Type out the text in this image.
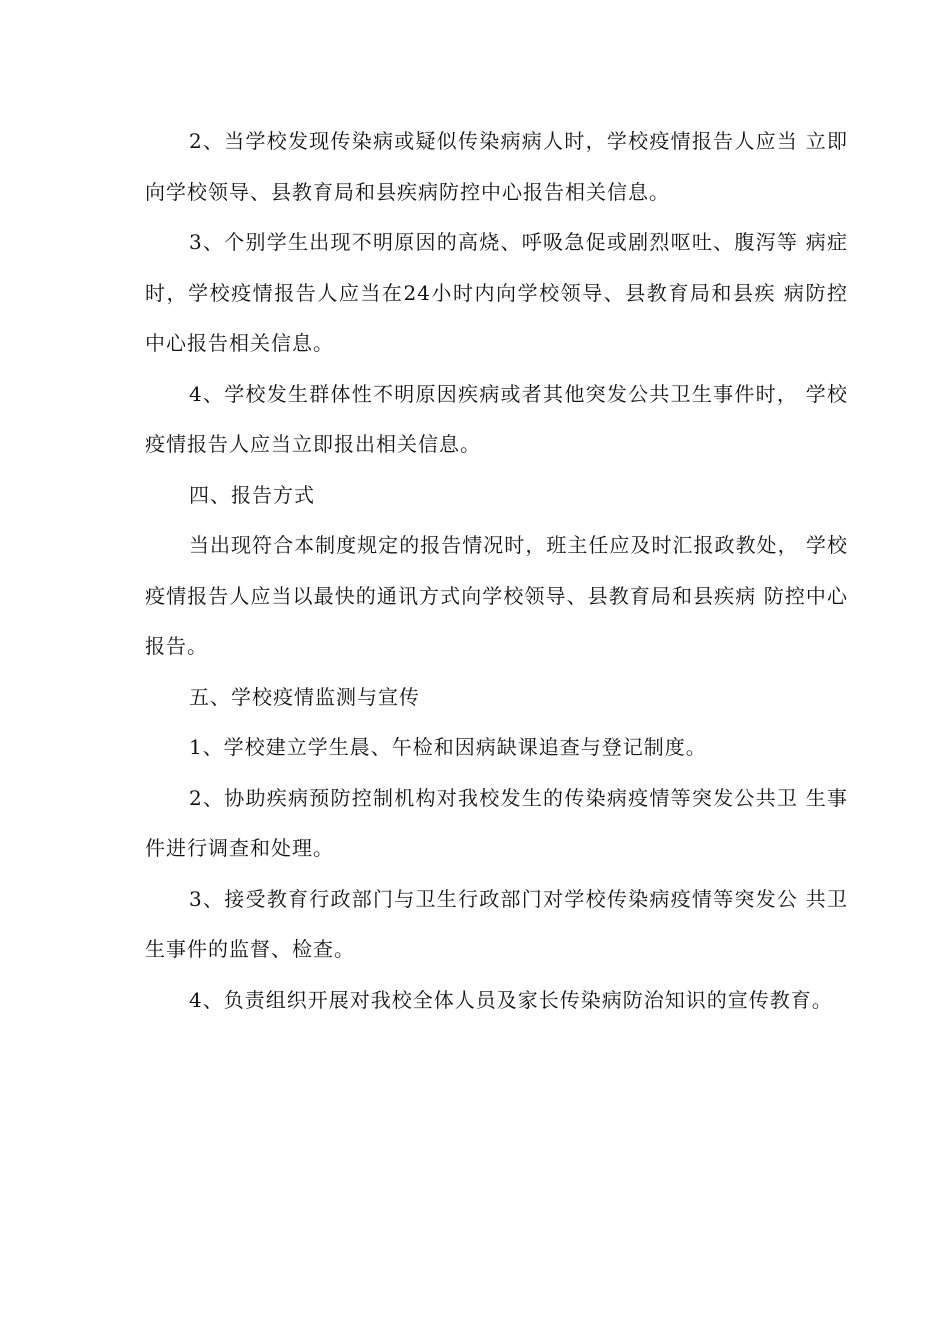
2、当学校发现传染病或疑似传染病病人时，学校疫情报告人应当 立即向学校领导、县教育局和县疾病防控中心报告相关信息。

3、个别学生出现不明原因的高烧、呼吸急促或剧烈呕吐、腹泻等 病症时，学校疫情报告人应当在24小时内向学校领导、县教育局和县疾 病防控中心报告相关信息。

4、学校发生群体性不明原因疾病或者其他突发公共卫生事件时， 学校疫情报告人应当立即报出相关信息。

四、报告方式

当出现符合本制度规定的报告情况时，班主任应及时汇报政教处， 学校疫情报告人应当以最快的通讯方式向学校领导、县教育局和县疾病 防控中心报告。

五、学校疫情监测与宣传

1、学校建立学生晨、午检和因病缺课追查与登记制度。

2、协助疾病预防控制机构对我校发生的传染病疫情等突发公共卫 生事件进行调查和处理。

3、接受教育行政部门与卫生行政部门对学校传染病疫情等突发公 共卫生事件的监督、检查。

4、负责组织开展对我校全体人员及家长传染病防治知识的宣传教育。
